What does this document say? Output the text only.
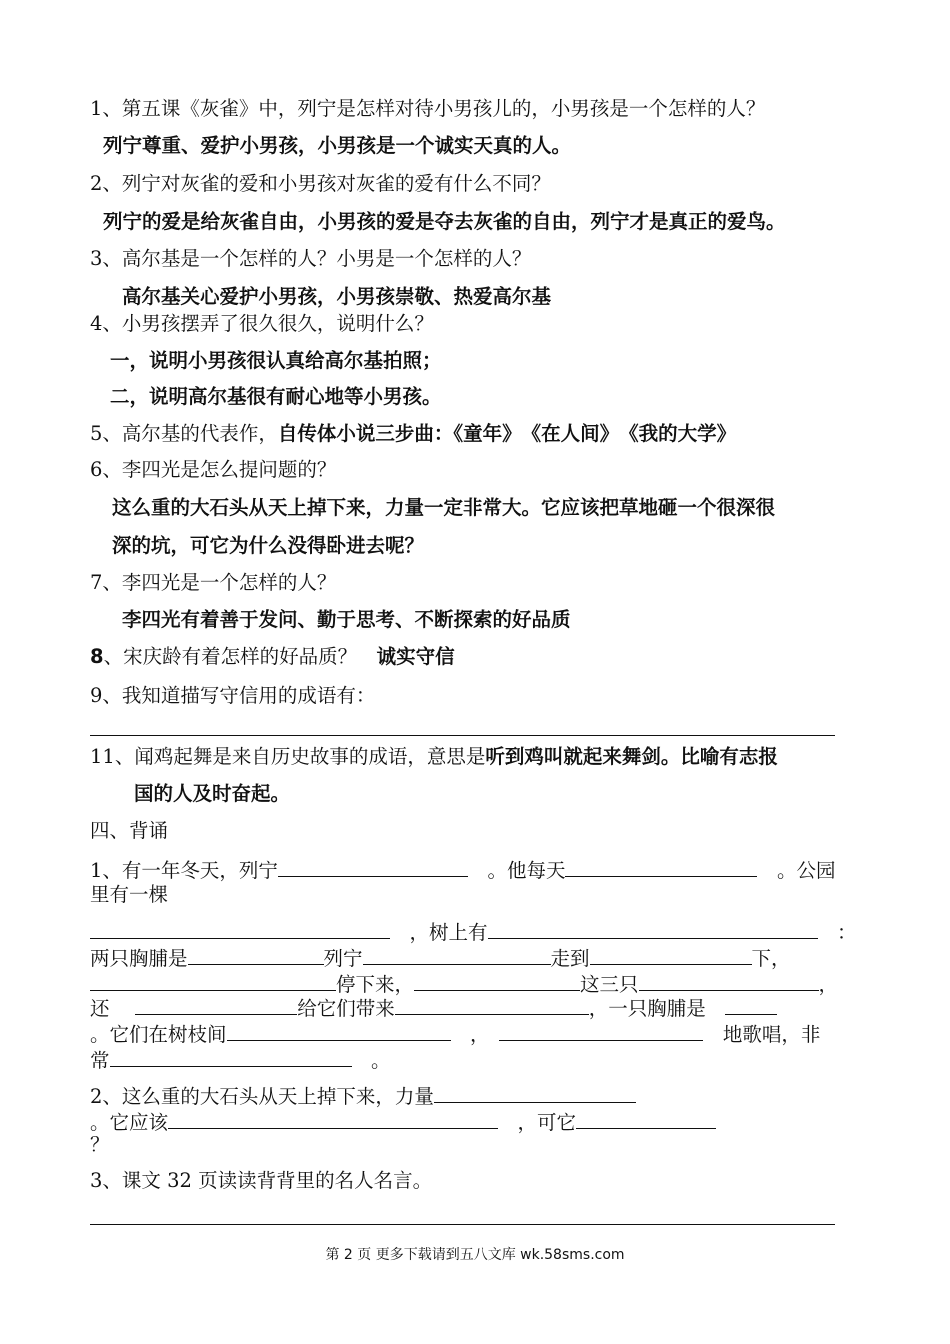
1、第五课《灰雀》中，列宁是怎样对待小男孩儿的，小男孩是一个怎样的人？
列宁尊重、爱护小男孩，小男孩是一个诚实天真的人。
2、列宁对灰雀的爱和小男孩对灰雀的爱有什么不同？
列宁的爱是给灰雀自由，小男孩的爱是夺去灰雀的自由，列宁才是真正的爱鸟。
3、高尔基是一个怎样的人？小男是一个怎样的人？
高尔基关心爱护小男孩，小男孩崇敬、热爱高尔基
4、小男孩摆弄了很久很久，说明什么？
一，说明小男孩很认真给高尔基拍照；
二，说明高尔基很有耐心地等小男孩。
5、高尔基的代表作，自传体小说三步曲：《童年》　《在人间》　《我的大学》
6、李四光是怎么提问题的？
这么重的大石头从天上掉下来，力量一定非常大。它应该把草地砸一个很深很
深的坑，可它为什么没得卧进去呢？
7、李四光是一个怎样的人？
李四光有着善于发问、勤于思考、不断探索的好品质
8、宋庆龄有着怎样的好品质？　 诚实守信
9、我知道描写守信用的成语有：
11、闻鸡起舞是来自历史故事的成语，意思是听到鸡叫就起来舞剑。比喻有志报
国的人及时奋起。
四、背诵
1、有一年冬天，列宁　	。他每天　	。公园
里有一棵
　，树上有　	：
两只胸脯是	列宁	走到	下，
停下来，	这三只	，
还　	给它们带来	，一只胸脯是　
。它们在树枝间　	，　　	地歌唱，非
常　	。
2、这么重的大石头从天上掉下来，力量
。它应该　	，可它
？
3、课文 32 页读读背背里的名人名言。
第 2 页 更多下载请到五八文库 wk.58sms.com
